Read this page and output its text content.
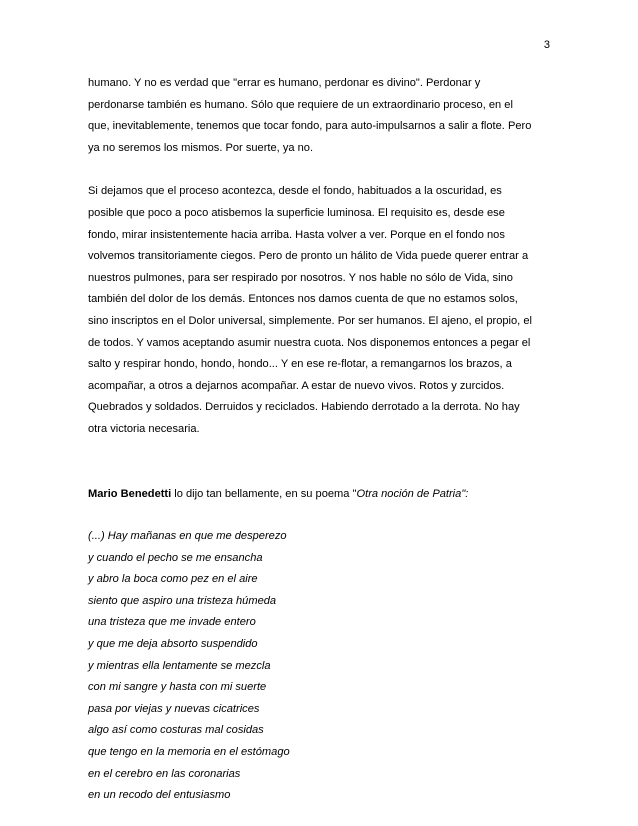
3
humano. Y no es verdad que "errar es humano, perdonar es divino". Perdonar y
perdonarse también es humano. Sólo que requiere de un extraordinario proceso, en el
que, inevitablemente, tenemos que tocar fondo, para auto-impulsarnos a salir a flote. Pero
ya no seremos los mismos. Por suerte, ya no.
Si dejamos que el proceso acontezca, desde el fondo, habituados a la oscuridad, es
posible que poco a poco atisbemos la superficie luminosa. El requisito es, desde ese
fondo, mirar insistentemente hacia arriba. Hasta volver a ver. Porque en el fondo nos
volvemos transitoriamente ciegos. Pero de pronto un hálito de Vida puede querer entrar a
nuestros pulmones, para ser respirado por nosotros. Y nos hable no sólo de Vida, sino
también del dolor de los demás. Entonces nos damos cuenta de que no estamos solos,
sino inscriptos en el Dolor universal, simplemente. Por ser humanos. El ajeno, el propio, el
de todos. Y vamos aceptando asumir nuestra cuota. Nos disponemos entonces a pegar el
salto y respirar hondo, hondo, hondo... Y en ese re-flotar, a remangarnos los brazos, a
acompañar, a otros a dejarnos acompañar. A estar de nuevo vivos. Rotos y zurcidos.
Quebrados y soldados. Derruidos y reciclados. Habiendo derrotado a la derrota. No hay
otra victoria necesaria.
Mario Benedetti lo dijo tan bellamente, en su poema "Otra noción de Patria":
(...) Hay mañanas en que me desperezo
y cuando el pecho se me ensancha
y abro la boca como pez en el aire
siento que aspiro una tristeza húmeda
una tristeza que me invade entero
y que me deja absorto suspendido
y mientras ella lentamente se mezcla
con mi sangre y hasta con mi suerte
pasa por viejas y nuevas cicatrices
algo así como costuras mal cosidas
que tengo en la memoria en el estómago
en el cerebro en las coronarias
en un recodo del entusiasmo
